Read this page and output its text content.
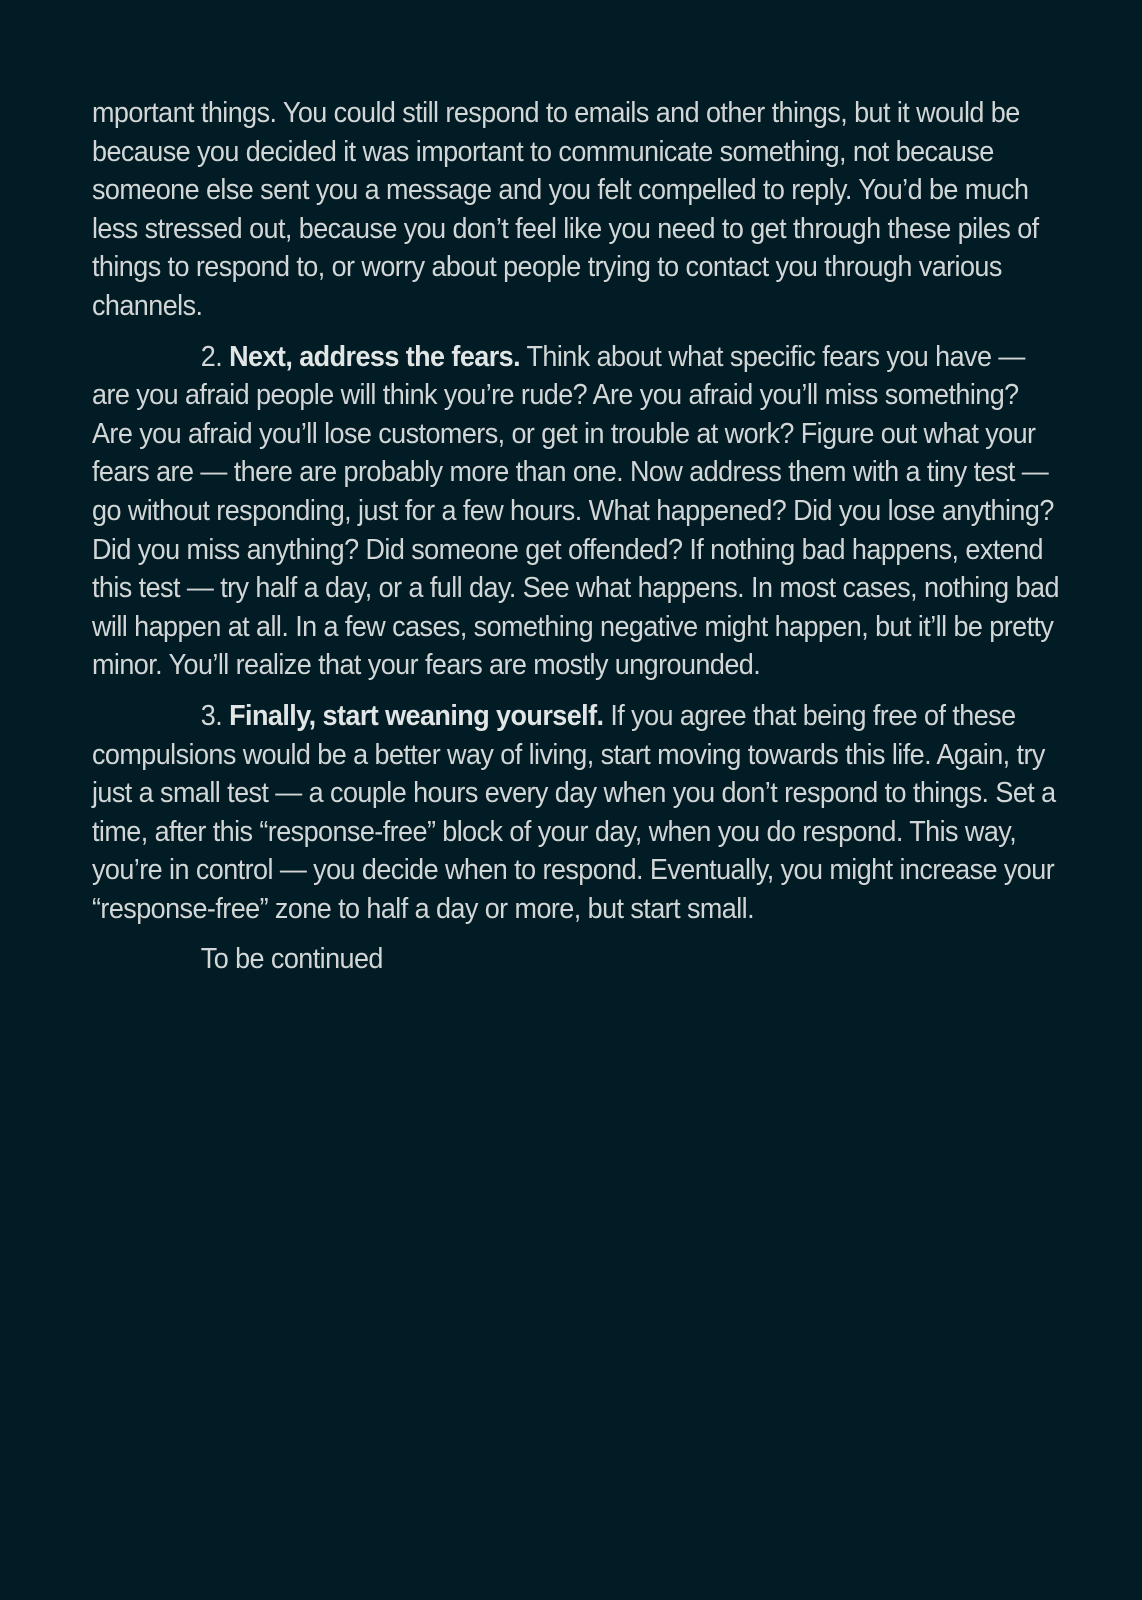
mportant things. You could still respond to emails and other things, but it would be because you decided it was important to communicate something, not because someone else sent you a message and you felt compelled to reply. You’d be much less stressed out, because you don’t feel like you need to get through these piles of things to respond to, or worry about people trying to contact you through various channels.

2. Next, address the fears. Think about what specific fears you have — are you afraid people will think you’re rude? Are you afraid you’ll miss something? Are you afraid you’ll lose customers, or get in trouble at work? Figure out what your fears are — there are probably more than one. Now address them with a tiny test — go without responding, just for a few hours. What happened? Did you lose anything? Did you miss anything? Did someone get offended? If nothing bad happens, extend this test — try half a day, or a full day. See what happens. In most cases, nothing bad will happen at all. In a few cases, something negative might happen, but it’ll be pretty minor. You’ll realize that your fears are mostly ungrounded.

3. Finally, start weaning yourself. If you agree that being free of these compulsions would be a better way of living, start moving towards this life. Again, try just a small test — a couple hours every day when you don’t respond to things. Set a time, after this “response-free” block of your day, when you do respond. This way, you’re in control — you decide when to respond. Eventually, you might increase your “response-free” zone to half a day or more, but start small.

To be continued
